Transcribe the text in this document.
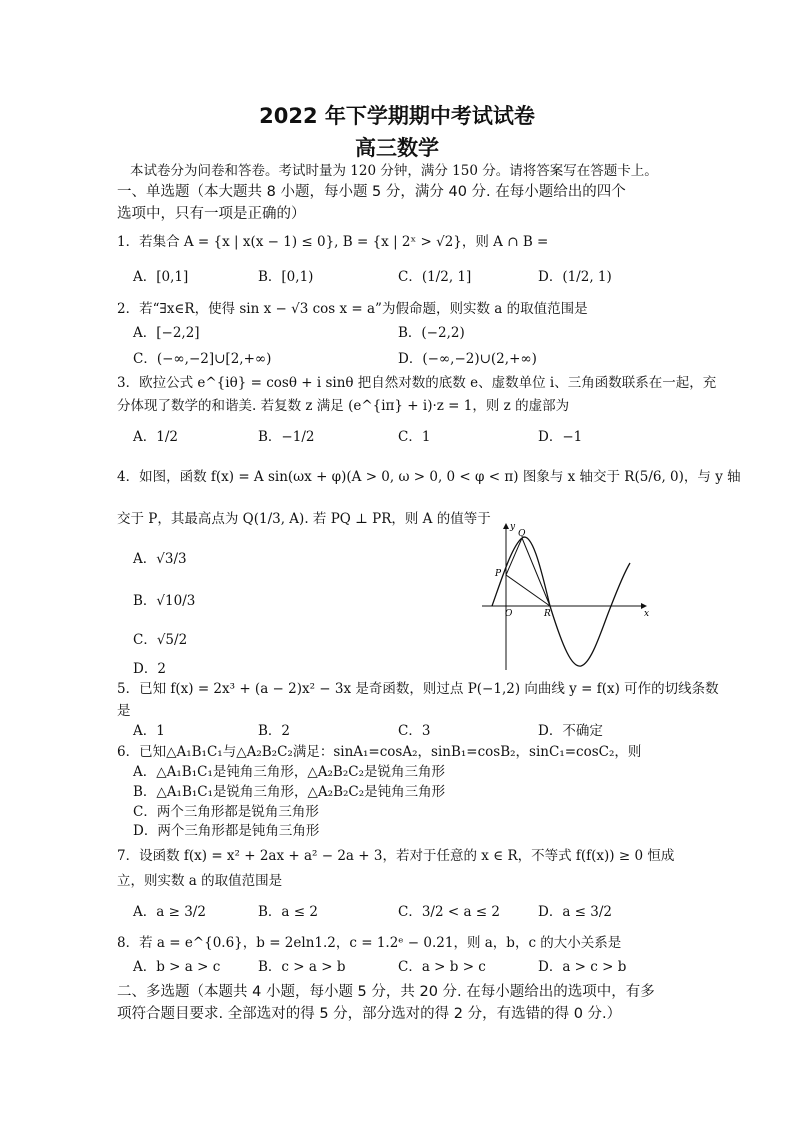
2022 年下学期期中考试试卷
高三数学
本试卷分为问卷和答卷。考试时量为 120 分钟，满分 150 分。请将答案写在答题卡上。
一、单选题（本大题共 8 小题，每小题 5 分，满分 40 分. 在每小题给出的四个
选项中，只有一项是正确的）
1．若集合 A = {x | x(x − 1) ≤ 0}, B = {x | 2ˣ > √2}，则 A ∩ B =
A．[0,1]	B．[0,1)	C．(1/2, 1]	D．(1/2, 1)
2．若“∃x∈R，使得 sin x − √3 cos x = a”为假命题，则实数 a 的取值范围是
A．[−2,2]	B．(−2,2)
C．(−∞,−2]∪[2,+∞)	D．(−∞,−2)∪(2,+∞)
3．欧拉公式 e^{iθ} = cosθ + i sinθ 把自然对数的底数 e、虚数单位 i、三角函数联系在一起，充
分体现了数学的和谐美. 若复数 z 满足 (e^{iπ} + i)·z = 1，则 z 的虚部为
A．1/2	B．−1/2	C．1	D．−1
4．如图，函数 f(x) = A sin(ωx + φ)(A > 0, ω > 0, 0 < φ < π) 图象与 x 轴交于 R(5/6, 0)，与 y 轴
交于 P，其最高点为 Q(1/3, A). 若 PQ ⊥ PR，则 A 的值等于
A．√3/3
B．√10/3
C．√5/2
D．2
y
x
O
P
Q
R
5．已知 f(x) = 2x³ + (a − 2)x² − 3x 是奇函数，则过点 P(−1,2) 向曲线 y = f(x) 可作的切线条数
是
A．1	B．2	C．3	D．不确定
6．已知△A₁B₁C₁与△A₂B₂C₂满足：sinA₁=cosA₂，sinB₁=cosB₂，sinC₁=cosC₂，则
A．△A₁B₁C₁是钝角三角形，△A₂B₂C₂是锐角三角形
B．△A₁B₁C₁是锐角三角形，△A₂B₂C₂是钝角三角形
C．两个三角形都是锐角三角形
D．两个三角形都是钝角三角形
7．设函数 f(x) = x² + 2ax + a² − 2a + 3，若对于任意的 x ∈ R，不等式 f(f(x)) ≥ 0 恒成
立，则实数 a 的取值范围是
A．a ≥ 3/2	B．a ≤ 2	C．3/2 < a ≤ 2	D．a ≤ 3/2
8．若 a = e^{0.6}，b = 2eln1.2，c = 1.2ᵉ − 0.21，则 a，b，c 的大小关系是
A．b > a > c	B．c > a > b	C．a > b > c	D．a > c > b
二、多选题（本题共 4 小题，每小题 5 分，共 20 分. 在每小题给出的选项中，有多
项符合题目要求. 全部选对的得 5 分，部分选对的得 2 分，有选错的得 0 分.）
